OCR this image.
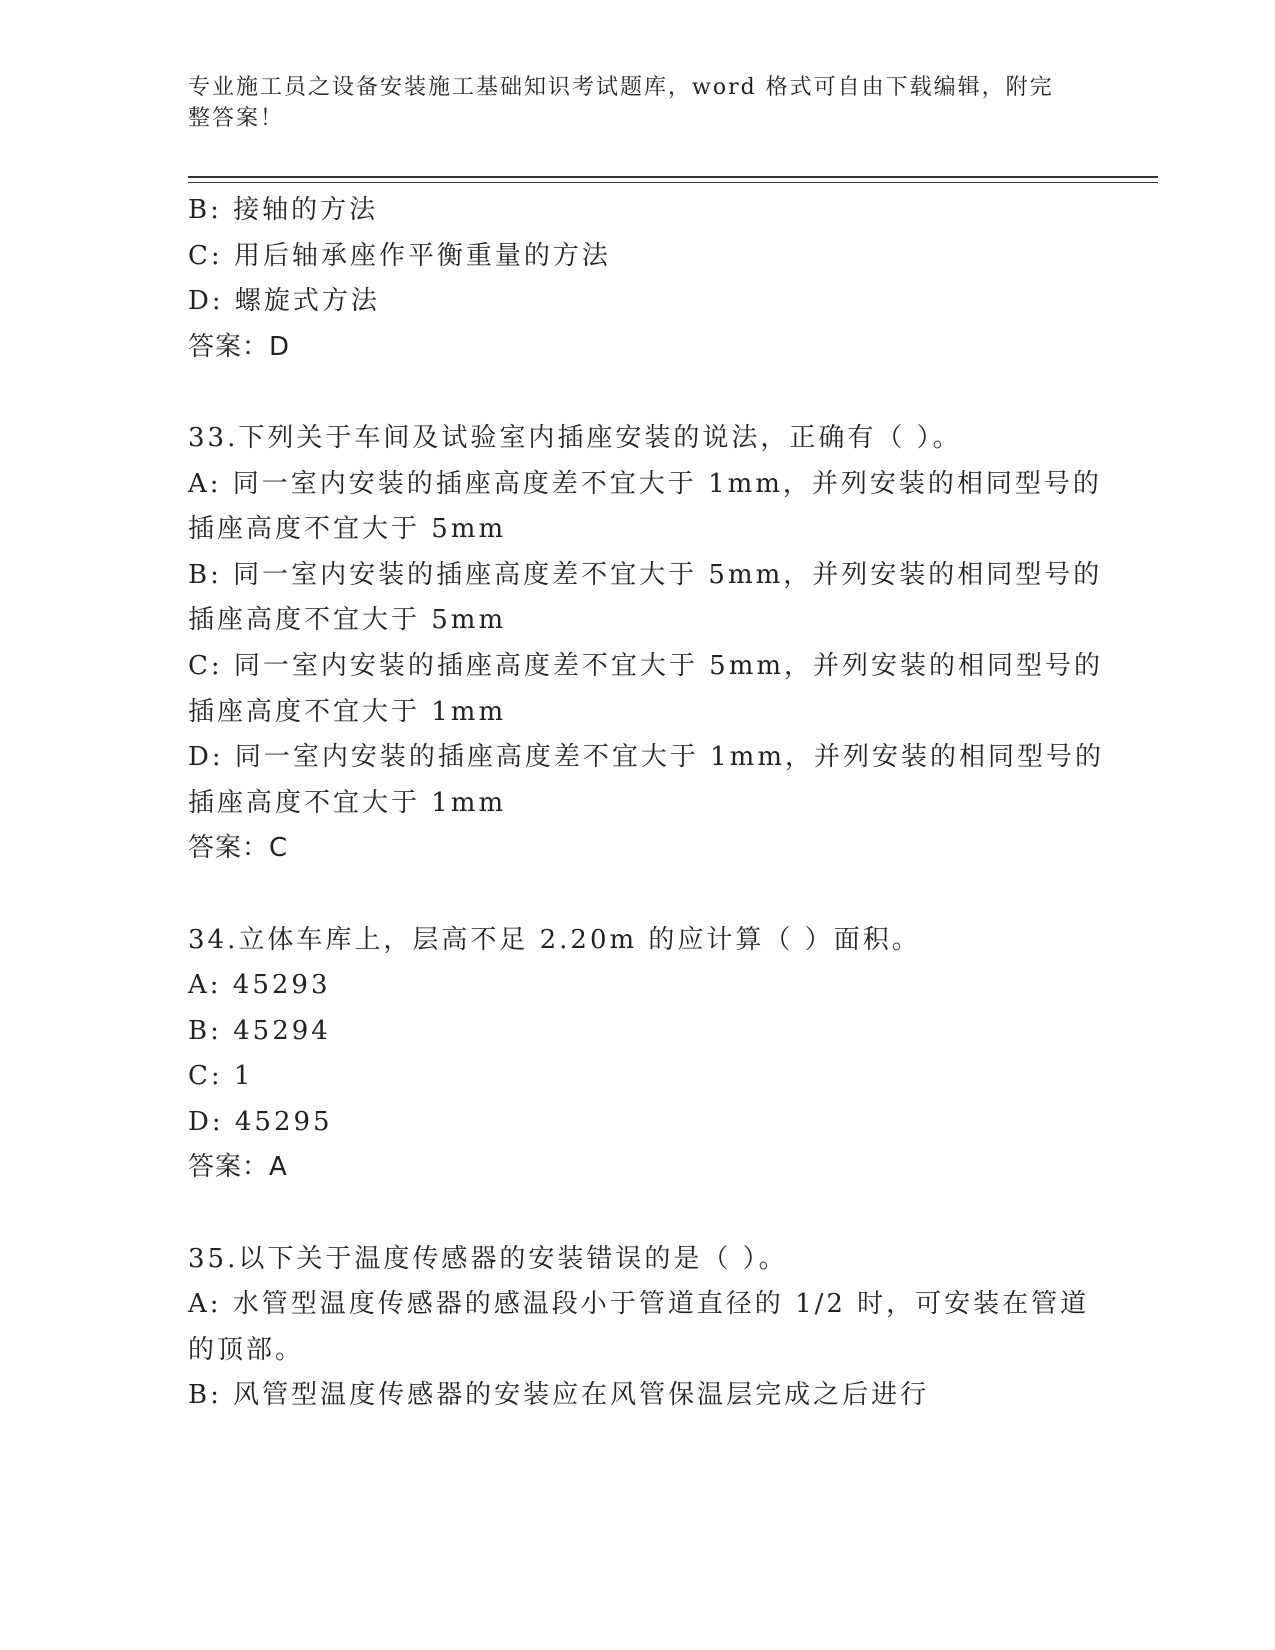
专业施工员之设备安装施工基础知识考试题库，word 格式可自由下载编辑，附完
整答案！
B: 接轴的方法
C: 用后轴承座作平衡重量的方法
D: 螺旋式方法
答案：D
33.下列关于车间及试验室内插座安装的说法，正确有（ ）。
A: 同一室内安装的插座高度差不宜大于 1mm，并列安装的相同型号的
插座高度不宜大于 5mm
B: 同一室内安装的插座高度差不宜大于 5mm，并列安装的相同型号的
插座高度不宜大于 5mm
C: 同一室内安装的插座高度差不宜大于 5mm，并列安装的相同型号的
插座高度不宜大于 1mm
D: 同一室内安装的插座高度差不宜大于 1mm，并列安装的相同型号的
插座高度不宜大于 1mm
答案：C
34.立体车库上，层高不足 2.20m 的应计算（ ）面积。
A: 45293
B: 45294
C: 1
D: 45295
答案：A
35.以下关于温度传感器的安装错误的是（ ）。
A: 水管型温度传感器的感温段小于管道直径的 1/2 时，可安装在管道
的顶部。
B: 风管型温度传感器的安装应在风管保温层完成之后进行
